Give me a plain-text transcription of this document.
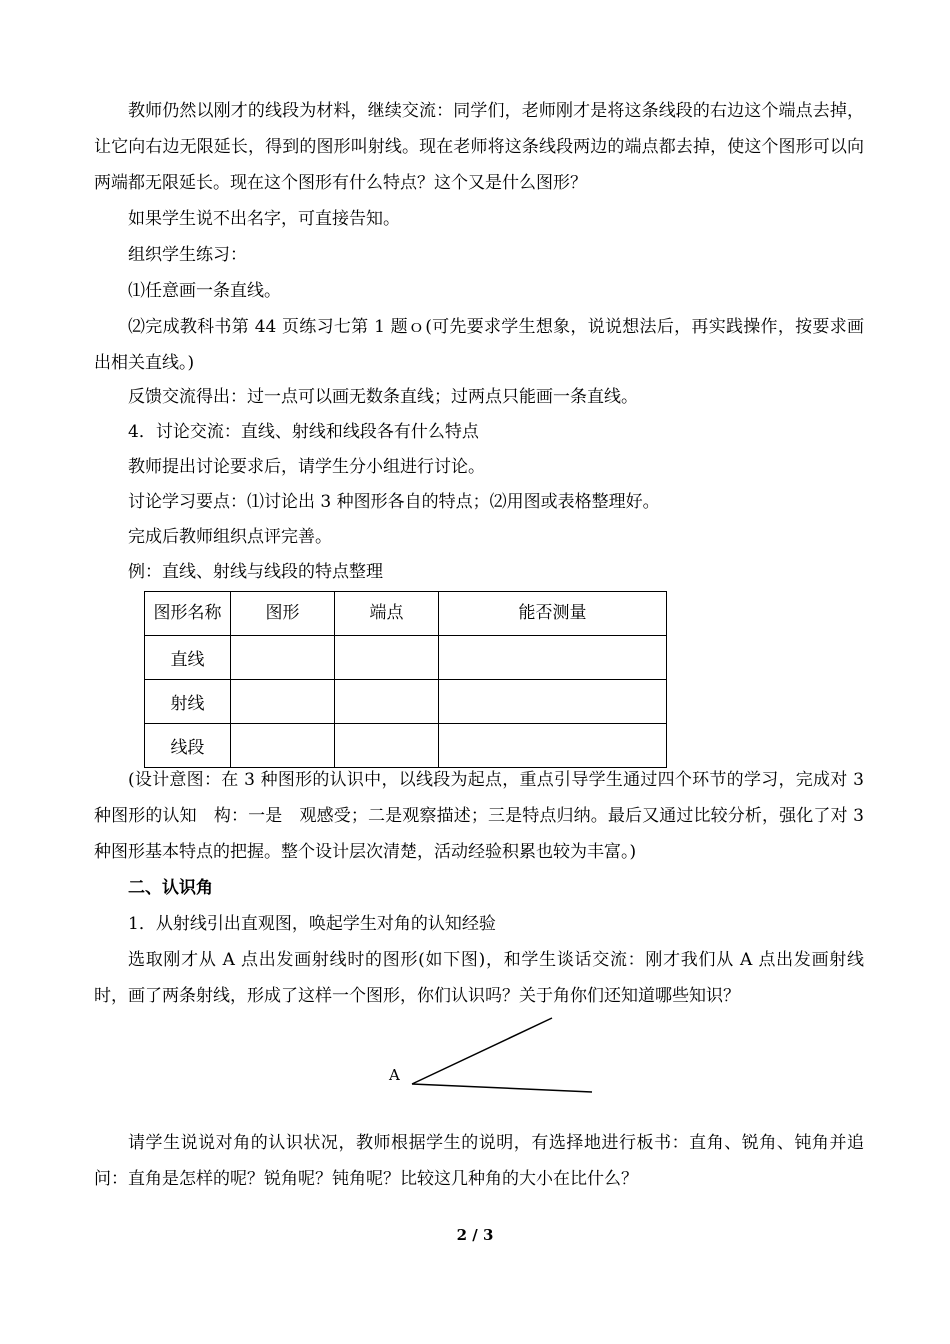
教师仍然以刚才的线段为材料，继续交流：同学们，老师刚才是将这条线段的右边这个端点去掉，让它向右边无限延长，得到的图形叫射线。现在老师将这条线段两边的端点都去掉，使这个图形可以向两端都无限延长。现在这个图形有什么特点？这个又是什么图形？

如果学生说不出名字，可直接告知。

组织学生练习：

⑴任意画一条直线。

⑵完成教科书第 44 页练习七第 1 题ｏ(可先要求学生想象，说说想法后，再实践操作，按要求画出相关直线。)

反馈交流得出：过一点可以画无数条直线；过两点只能画一条直线。

4．讨论交流：直线、射线和线段各有什么特点

教师提出讨论要求后，请学生分小组进行讨论。

讨论学习要点：⑴讨论出 3 种图形各自的特点；⑵用图或表格整理好。

完成后教师组织点评完善。

例：直线、射线与线段的特点整理

图形名称	图形	端点	能否测量
直线			
射线			
线段			

(设计意图：在 3 种图形的认识中，以线段为起点，重点引导学生通过四个环节的学习，完成对 3 种图形的认知　构：一是　观感受；二是观察描述；三是特点归纳。最后又通过比较分析，强化了对 3 种图形基本特点的把握。整个设计层次清楚，活动经验积累也较为丰富。)

二、认识角

1．从射线引出直观图，唤起学生对角的认知经验

选取刚才从 A 点出发画射线时的图形(如下图)，和学生谈话交流：刚才我们从 A 点出发画射线时，画了两条射线，形成了这样一个图形，你们认识吗？关于角你们还知道哪些知识？

A

请学生说说对角的认识状况，教师根据学生的说明，有选择地进行板书：直角、锐角、钝角并追问：直角是怎样的呢？锐角呢？钝角呢？比较这几种角的大小在比什么？

2 / 3
